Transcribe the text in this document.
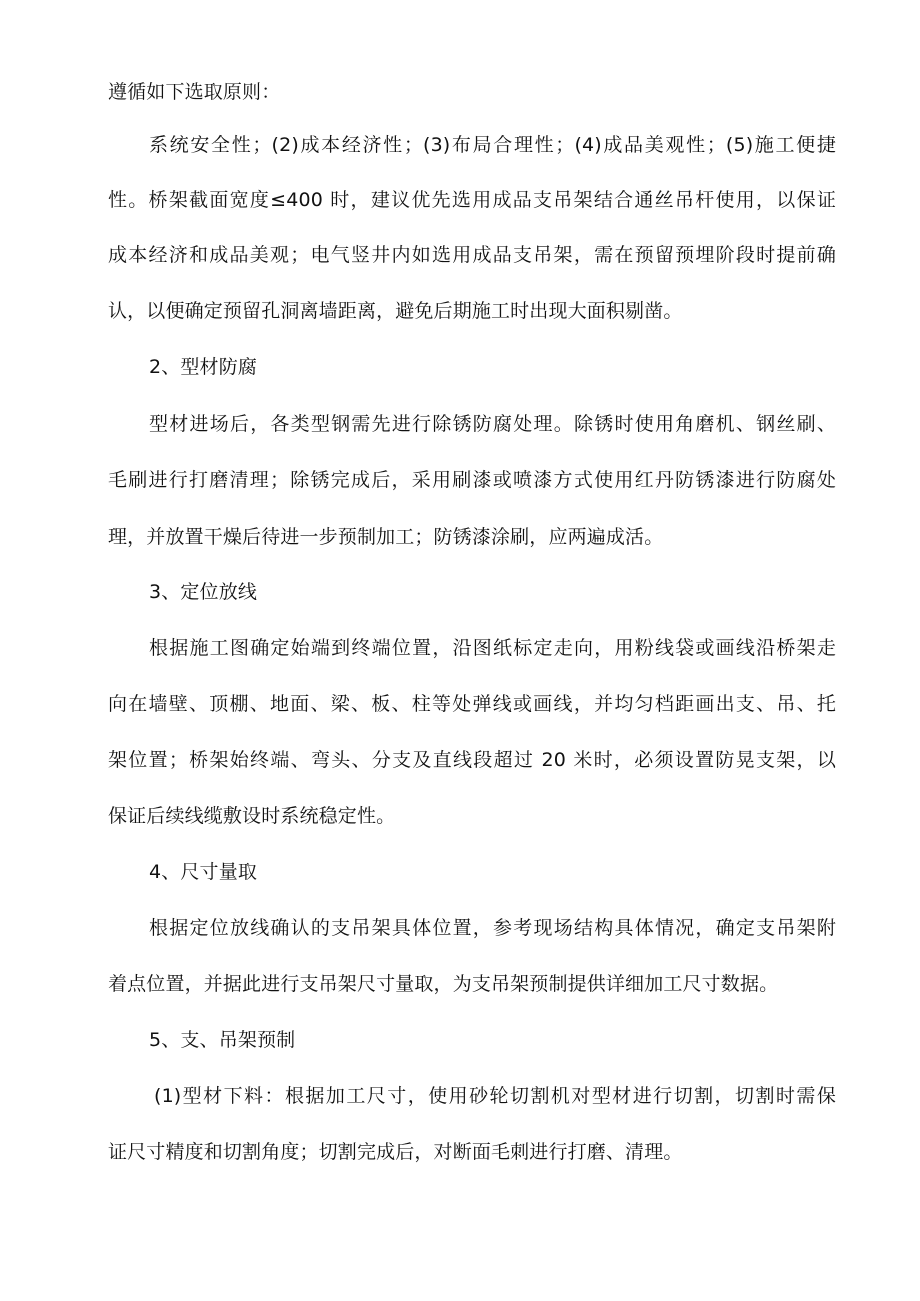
遵循如下选取原则：
系统安全性；(2)成本经济性；(3)布局合理性；(4)成品美观性；(5)施工便捷
性。桥架截面宽度≤400 时，建议优先选用成品支吊架结合通丝吊杆使用，以保证
成本经济和成品美观；电气竖井内如选用成品支吊架，需在预留预埋阶段时提前确
认，以便确定预留孔洞离墙距离，避免后期施工时出现大面积剔凿。
2、型材防腐
型材进场后，各类型钢需先进行除锈防腐处理。除锈时使用角磨机、钢丝刷、
毛刷进行打磨清理；除锈完成后，采用刷漆或喷漆方式使用红丹防锈漆进行防腐处
理，并放置干燥后待进一步预制加工；防锈漆涂刷，应两遍成活。
3、定位放线
根据施工图确定始端到终端位置，沿图纸标定走向，用粉线袋或画线沿桥架走
向在墙壁、顶棚、地面、梁、板、柱等处弹线或画线，并均匀档距画出支、吊、托
架位置；桥架始终端、弯头、分支及直线段超过 20 米时，必须设置防晃支架，以
保证后续线缆敷设时系统稳定性。
4、尺寸量取
根据定位放线确认的支吊架具体位置，参考现场结构具体情况，确定支吊架附
着点位置，并据此进行支吊架尺寸量取，为支吊架预制提供详细加工尺寸数据。
5、支、吊架预制
(1)型材下料：根据加工尺寸，使用砂轮切割机对型材进行切割，切割时需保
证尺寸精度和切割角度；切割完成后，对断面毛刺进行打磨、清理。
